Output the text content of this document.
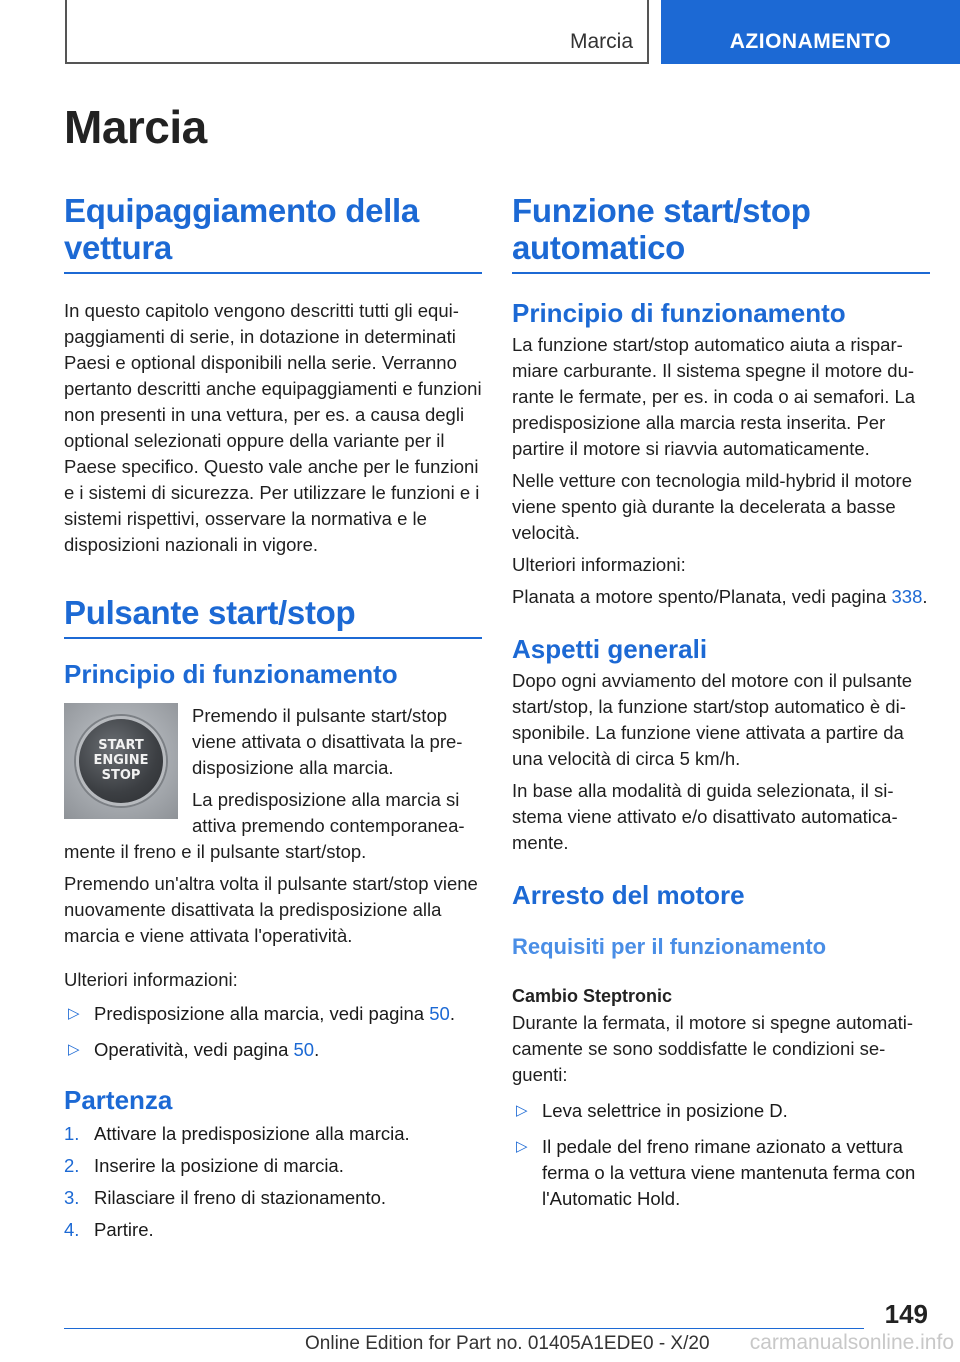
Marcia	AZIONAMENTO
Marcia
Equipaggiamento della vettura

In questo capitolo vengono descritti tutti gli equipaggiamenti di serie, in dotazione in determinati Paesi e optional disponibili nella serie. Verranno pertanto descritti anche equipaggiamenti e funzioni non presenti in una vettura, per es. a causa degli optional selezionati oppure della variante per il Paese specifico. Questo vale anche per le funzioni e i sistemi di sicurezza. Per utilizzare le funzioni e i sistemi rispettivi, osservare la normativa e le disposizioni nazionali in vigore.

Pulsante start/stop
Principio di funzionamento
START
ENGINE
STOP

Premendo il pulsante start/stop viene attivata o disattivata la predisposizione alla marcia.

La predisposizione alla marcia si attiva premendo contemporaneamente il freno e il pulsante start/stop.

Premendo un'altra volta il pulsante start/stop viene nuovamente disattivata la predisposizione alla marcia e viene attivata l'operatività.

Ulteriori informazioni:

▷ Predisposizione alla marcia, vedi pagina 50.
▷ Operatività, vedi pagina 50.
Partenza
1. Attivare la predisposizione alla marcia.
2. Inserire la posizione di marcia.
3. Rilasciare il freno di stazionamento.
4. Partire.
Funzione start/stop automatico
Principio di funzionamento

La funzione start/stop automatico aiuta a risparmiare carburante. Il sistema spegne il motore durante le fermate, per es. in coda o ai semafori. La predisposizione alla marcia resta inserita. Per partire il motore si riavvia automaticamente.

Nelle vetture con tecnologia mild-hybrid il motore viene spento già durante la decelerata a basse velocità.

Ulteriori informazioni:

Planata a motore spento/Planata, vedi pagina 338.

Aspetti generali

Dopo ogni avviamento del motore con il pulsante start/stop, la funzione start/stop automatico è disponibile. La funzione viene attivata a partire da una velocità di circa 5 km/h.

In base alla modalità di guida selezionata, il sistema viene attivato e/o disattivato automaticamente.

Arresto del motore
Requisiti per il funzionamento
Cambio Steptronic

Durante la fermata, il motore si spegne automaticamente se sono soddisfatte le condizioni seguenti:

▷ Leva selettrice in posizione D.
▷ Il pedale del freno rimane azionato a vettura ferma o la vettura viene mantenuta ferma con l'Automatic Hold.
149
Online Edition for Part no. 01405A1EDE0 - X/20 carmanualsonline.info
